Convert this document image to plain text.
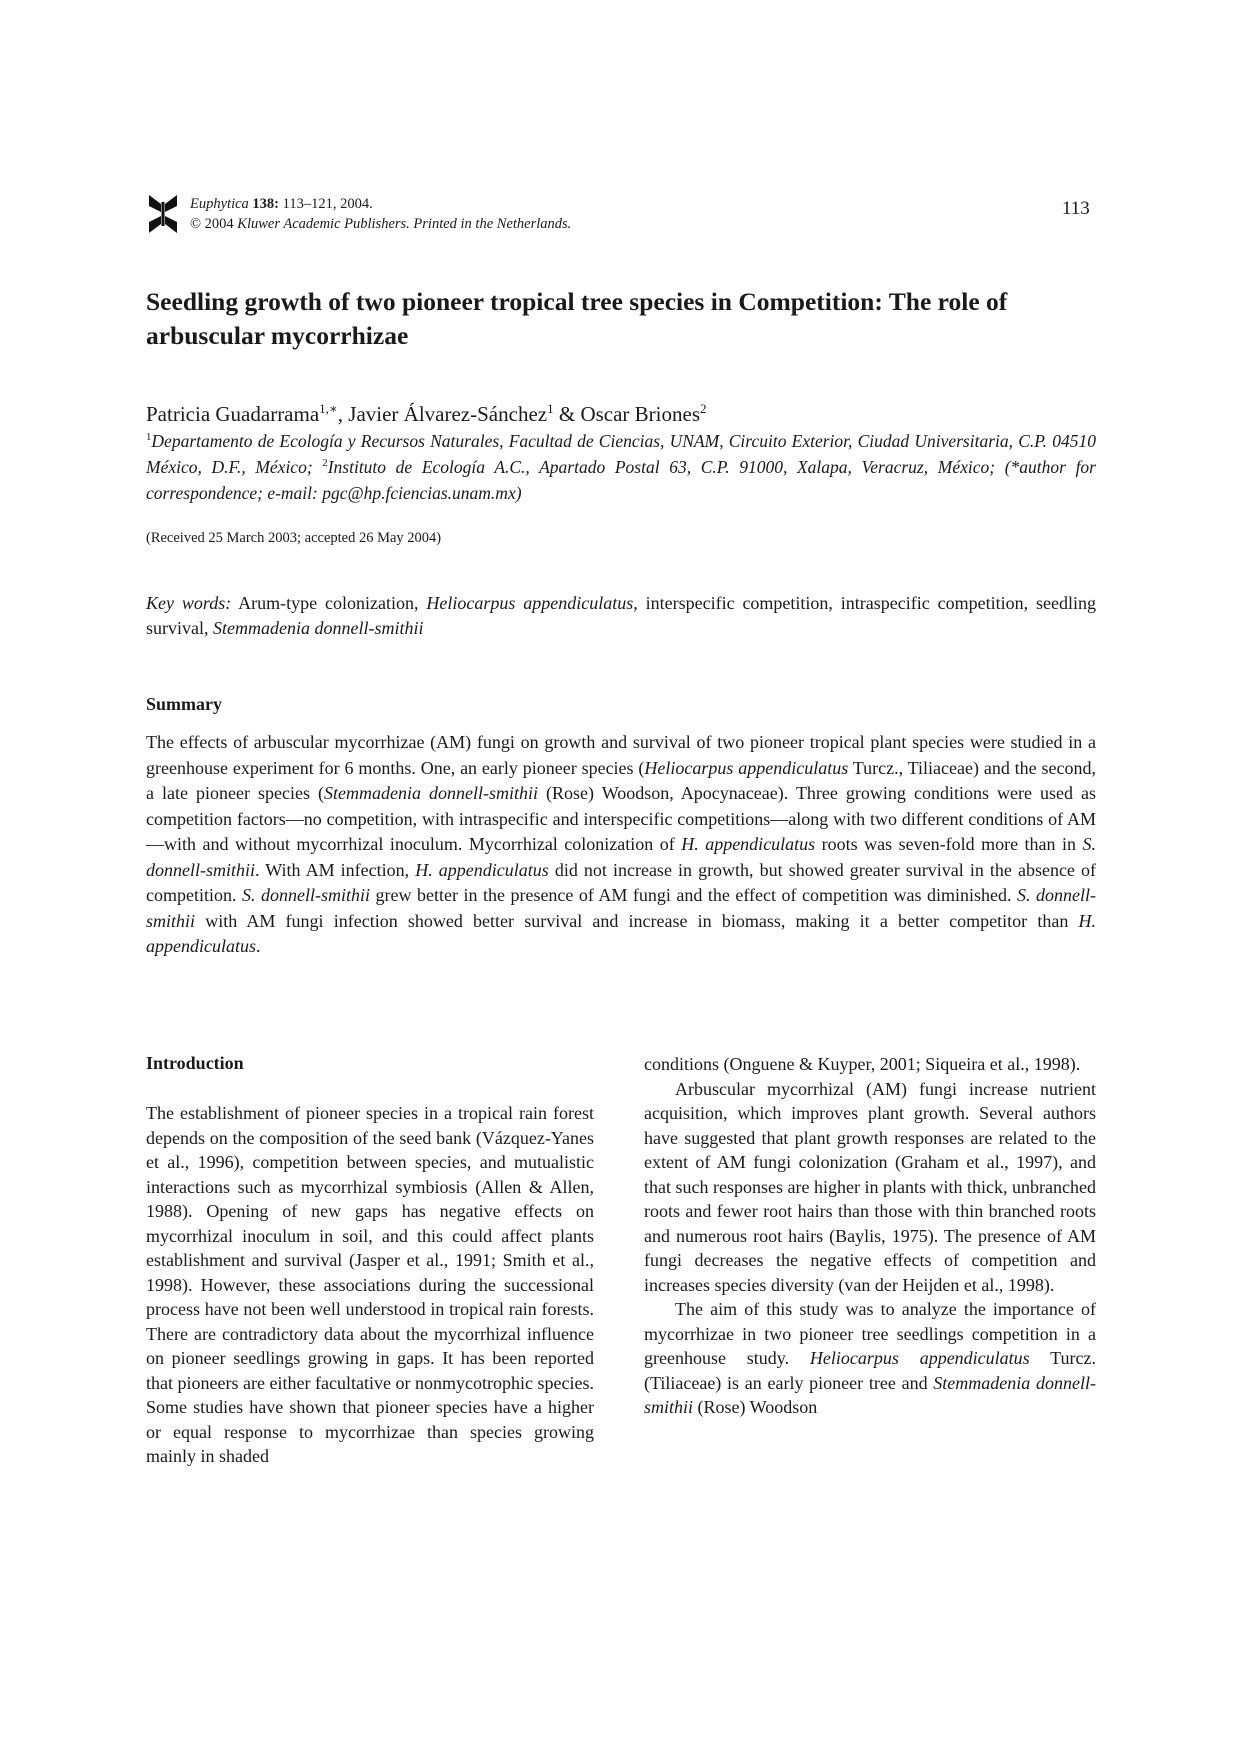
Euphytica 138: 113–121, 2004.
© 2004 Kluwer Academic Publishers. Printed in the Netherlands.
113
Seedling growth of two pioneer tropical tree species in Competition: The role of arbuscular mycorrhizae
Patricia Guadarrama$^{1,∗}$, Javier Álvarez-Sánchez$^1$ & Oscar Briones$^2$
$^1$Departamento de Ecología y Recursos Naturales, Facultad de Ciencias, UNAM, Circuito Exterior, Ciudad Universitaria, C.P. 04510 México, D.F., México; $^2$Instituto de Ecología A.C., Apartado Postal 63, C.P. 91000, Xalapa, Veracruz, México; (*author for correspondence; e-mail: pgc@hp.fciencias.unam.mx)
(Received 25 March 2003; accepted 26 May 2004)
Key words: Arum-type colonization, Heliocarpus appendiculatus, interspecific competition, intraspecific competition, seedling survival, Stemmadenia donnell-smithii
Summary
The effects of arbuscular mycorrhizae (AM) fungi on growth and survival of two pioneer tropical plant species were studied in a greenhouse experiment for 6 months. One, an early pioneer species (Heliocarpus appendiculatus Turcz., Tiliaceae) and the second, a late pioneer species (Stemmadenia donnell-smithii (Rose) Woodson, Apocynaceae). Three growing conditions were used as competition factors—no competition, with intraspecific and interspecific competitions—along with two different conditions of AM—with and without mycorrhizal inoculum. Mycorrhizal colonization of H. appendiculatus roots was seven-fold more than in S. donnell-smithii. With AM infection, H. appendiculatus did not increase in growth, but showed greater survival in the absence of competition. S. donnell-smithii grew better in the presence of AM fungi and the effect of competition was diminished. S. donnell-smithii with AM fungi infection showed better survival and increase in biomass, making it a better competitor than H. appendiculatus.
Introduction

The establishment of pioneer species in a tropical rain forest depends on the composition of the seed bank (Vázquez-Yanes et al., 1996), competition between species, and mutualistic interactions such as mycorrhizal symbiosis (Allen & Allen, 1988). Opening of new gaps has negative effects on mycorrhizal inoculum in soil, and this could affect plants establishment and survival (Jasper et al., 1991; Smith et al., 1998). However, these associations during the successional process have not been well understood in tropical rain forests. There are contradictory data about the mycorrhizal influence on pioneer seedlings growing in gaps. It has been reported that pioneers are either facultative or nonmycotrophic species. Some studies have shown that pioneer species have a higher or equal response to mycorrhizae than species growing mainly in shaded

conditions (Onguene & Kuyper, 2001; Siqueira et al., 1998).

Arbuscular mycorrhizal (AM) fungi increase nutrient acquisition, which improves plant growth. Several authors have suggested that plant growth responses are related to the extent of AM fungi colonization (Graham et al., 1997), and that such responses are higher in plants with thick, unbranched roots and fewer root hairs than those with thin branched roots and numerous root hairs (Baylis, 1975). The presence of AM fungi decreases the negative effects of competition and increases species diversity (van der Heijden et al., 1998).

The aim of this study was to analyze the importance of mycorrhizae in two pioneer tree seedlings competition in a greenhouse study. Heliocarpus appendiculatus Turcz. (Tiliaceae) is an early pioneer tree and Stemmadenia donnell-smithii (Rose) Woodson
